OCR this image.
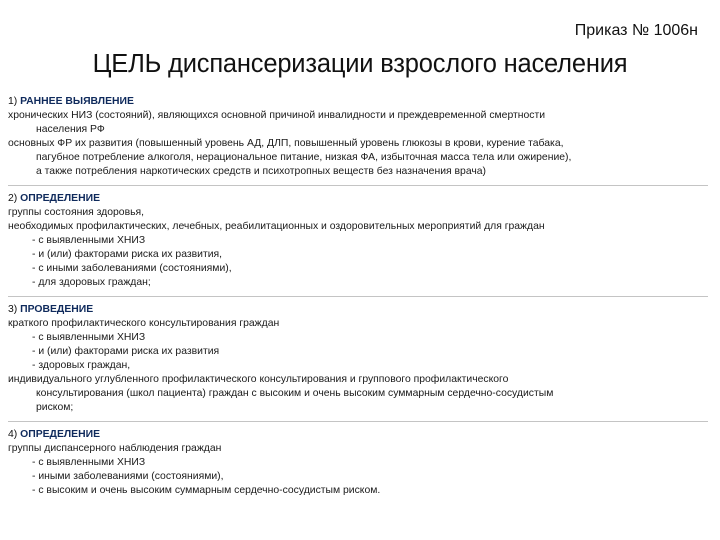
Приказ № 1006н
ЦЕЛЬ диспансеризации взрослого населения
1) РАННЕЕ ВЫЯВЛЕНИЕ
хронических НИЗ (состояний), являющихся основной причиной инвалидности и преждевременной смертности
населения РФ
основных ФР их развития (повышенный уровень АД, ДЛП, повышенный уровень глюкозы в крови, курение табака,
пагубное потребление алкоголя, нерациональное питание, низкая ФА, избыточная масса тела или ожирение),
а также потребления наркотических средств и психотропных веществ без назначения врача)
2) ОПРЕДЕЛЕНИЕ
группы состояния здоровья,
необходимых профилактических, лечебных, реабилитационных и оздоровительных мероприятий для граждан
- с выявленными ХНИЗ
- и (или) факторами риска их развития,
- с иными заболеваниями (состояниями),
- для здоровых граждан;
3) ПРОВЕДЕНИЕ
краткого профилактического консультирования граждан
- с выявленными ХНИЗ
- и (или) факторами риска их развития
- здоровых граждан,
индивидуального углубленного профилактического консультирования и группового профилактического
консультирования (школ пациента) граждан с высоким и очень высоким суммарным сердечно-сосудистым
риском;
4) ОПРЕДЕЛЕНИЕ
группы диспансерного наблюдения граждан
- с выявленными ХНИЗ
- иными заболеваниями (состояниями),
- с высоким и очень высоким суммарным сердечно-сосудистым риском.
